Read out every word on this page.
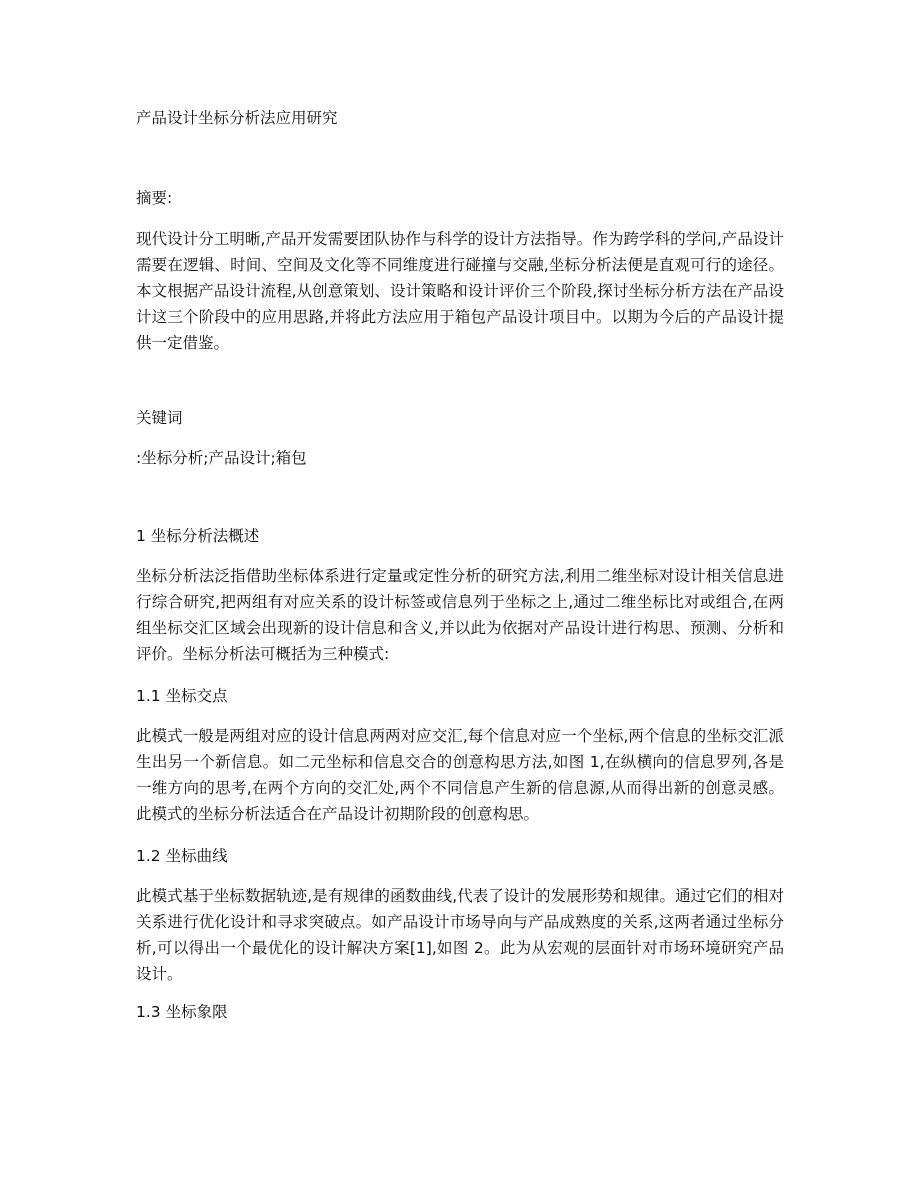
产品设计坐标分析法应用研究
摘要:
现代设计分工明晰,产品开发需要团队协作与科学的设计方法指导。作为跨学科的学问,产品设计需要在逻辑、时间、空间及文化等不同维度进行碰撞与交融,坐标分析法便是直观可行的途径。本文根据产品设计流程,从创意策划、设计策略和设计评价三个阶段,探讨坐标分析方法在产品设计这三个阶段中的应用思路,并将此方法应用于箱包产品设计项目中。以期为今后的产品设计提供一定借鉴。
关键词
:坐标分析;产品设计;箱包
1 坐标分析法概述
坐标分析法泛指借助坐标体系进行定量或定性分析的研究方法,利用二维坐标对设计相关信息进行综合研究,把两组有对应关系的设计标签或信息列于坐标之上,通过二维坐标比对或组合,在两组坐标交汇区域会出现新的设计信息和含义,并以此为依据对产品设计进行构思、预测、分析和评价。坐标分析法可概括为三种模式:
1.1 坐标交点
此模式一般是两组对应的设计信息两两对应交汇,每个信息对应一个坐标,两个信息的坐标交汇派生出另一个新信息。如二元坐标和信息交合的创意构思方法,如图 1,在纵横向的信息罗列,各是一维方向的思考,在两个方向的交汇处,两个不同信息产生新的信息源,从而得出新的创意灵感。此模式的坐标分析法适合在产品设计初期阶段的创意构思。
1.2 坐标曲线
此模式基于坐标数据轨迹,是有规律的函数曲线,代表了设计的发展形势和规律。通过它们的相对关系进行优化设计和寻求突破点。如产品设计市场导向与产品成熟度的关系,这两者通过坐标分析,可以得出一个最优化的设计解决方案[1],如图 2。此为从宏观的层面针对市场环境研究产品设计。
1.3 坐标象限
